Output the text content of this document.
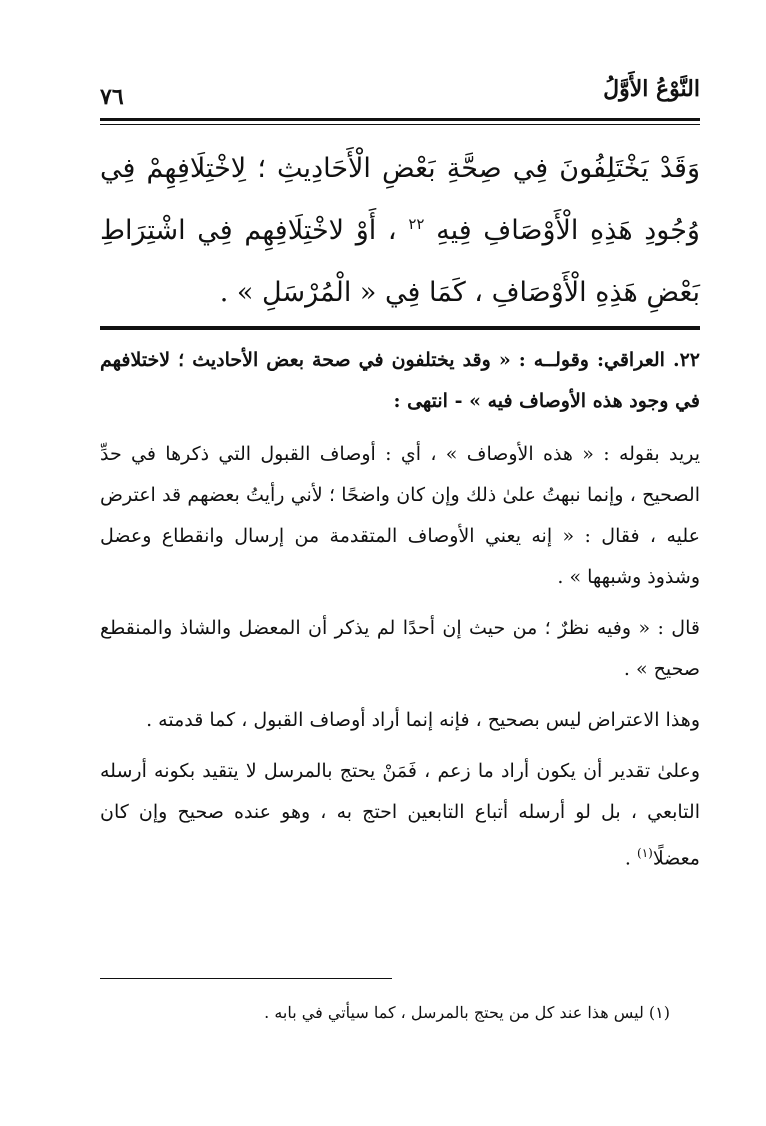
النَّوْعُ الأَوَّلُ
٧٦
وَقَدْ يَخْتَلِفُونَ فِي صِحَّةِ بَعْضِ الْأَحَادِيثِ ؛ لِاخْتِلَافِهِمْ فِي وُجُودِ هَذِهِ الْأَوْصَافِ فِيهِ $^{٢٢}$ ، أَوْ لاخْتِلَافِهِم فِي اشْتِرَاطِ بَعْضِ هَذِهِ الْأَوْصَافِ ، كَمَا فِي « الْمُرْسَلِ » .

٢٢. العراقي: وقولــه : « وقد يختلفون في صحة بعض الأحاديث ؛ لاختلافهم في وجود هذه الأوصاف فيه » - انتهى :

يريد بقوله : « هذه الأوصاف » ، أي : أوصاف القبول التي ذكرها في حدِّ الصحيح ، وإنما نبهتُ علىٰ ذلك وإن كان واضحًا ؛ لأني رأيتُ بعضهم قد اعترض عليه ، فقال : « إنه يعني الأوصاف المتقدمة من إرسال وانقطاع وعضل وشذوذ وشبهها » .

قال : « وفيه نظرٌ ؛ من حيث إن أحدًا لم يذكر أن المعضل والشاذ والمنقطع صحيح » .

وهذا الاعتراض ليس بصحيح ، فإنه إنما أراد أوصاف القبول ، كما قدمته .

وعلىٰ تقدير أن يكون أراد ما زعم ، فَمَنْ يحتج بالمرسل لا يتقيد بكونه أرسله التابعي ، بل لو أرسله أتباع التابعين احتج به ، وهو عنده صحيح وإن كان معضلًا$^{(١)}$ .

(١) ليس هذا عند كل من يحتج بالمرسل ، كما سيأتي في بابه .
